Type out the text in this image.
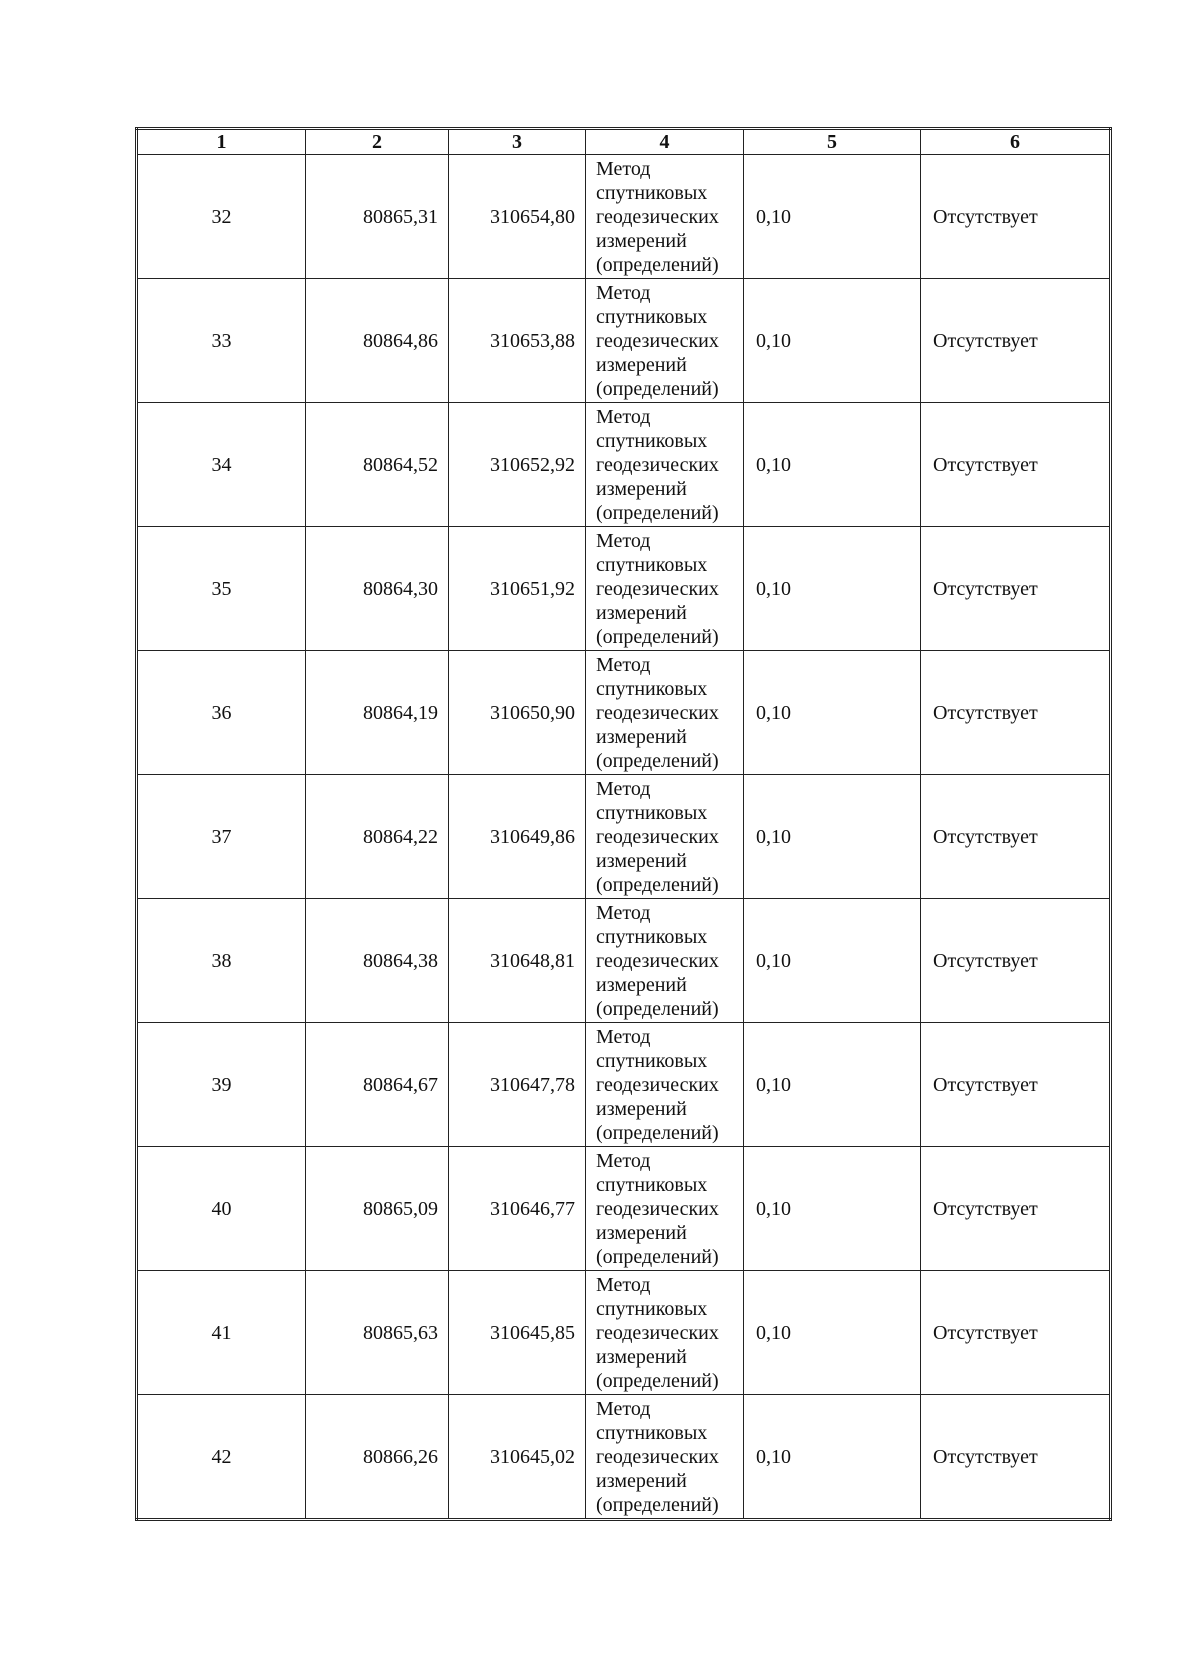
1	2	3	4	5	6
32	80865,31	310654,80	Метод
спутниковых
геодезических
измерений
(определений)	0,10	Отсутствует
33	80864,86	310653,88	Метод
спутниковых
геодезических
измерений
(определений)	0,10	Отсутствует
34	80864,52	310652,92	Метод
спутниковых
геодезических
измерений
(определений)	0,10	Отсутствует
35	80864,30	310651,92	Метод
спутниковых
геодезических
измерений
(определений)	0,10	Отсутствует
36	80864,19	310650,90	Метод
спутниковых
геодезических
измерений
(определений)	0,10	Отсутствует
37	80864,22	310649,86	Метод
спутниковых
геодезических
измерений
(определений)	0,10	Отсутствует
38	80864,38	310648,81	Метод
спутниковых
геодезических
измерений
(определений)	0,10	Отсутствует
39	80864,67	310647,78	Метод
спутниковых
геодезических
измерений
(определений)	0,10	Отсутствует
40	80865,09	310646,77	Метод
спутниковых
геодезических
измерений
(определений)	0,10	Отсутствует
41	80865,63	310645,85	Метод
спутниковых
геодезических
измерений
(определений)	0,10	Отсутствует
42	80866,26	310645,02	Метод
спутниковых
геодезических
измерений
(определений)	0,10	Отсутствует
